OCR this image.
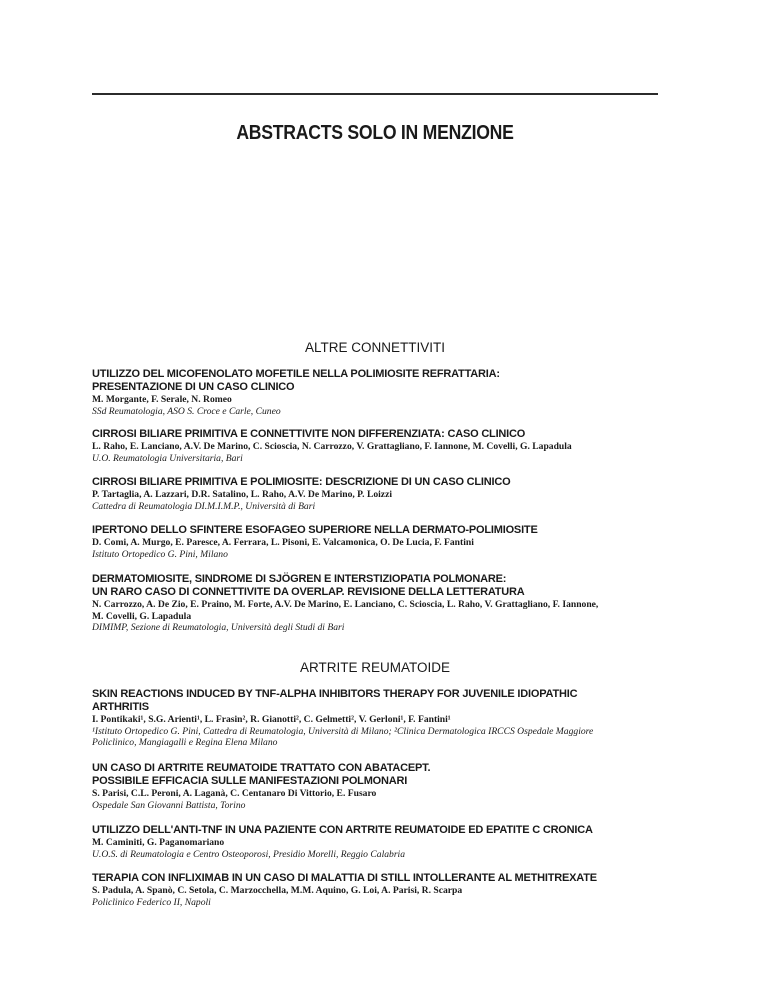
ABSTRACTS SOLO IN MENZIONE
ALTRE CONNETTIVITI
UTILIZZO DEL MICOFENOLATO MOFETILE NELLA POLIMIOSITE REFRATTARIA:
PRESENTAZIONE DI UN CASO CLINICO
M. Morgante, F. Serale, N. Romeo
SSd Reumatologia, ASO S. Croce e Carle, Cuneo
CIRROSI BILIARE PRIMITIVA E CONNETTIVITE NON DIFFERENZIATA: CASO CLINICO
L. Raho, E. Lanciano, A.V. De Marino, C. Scioscia, N. Carrozzo, V. Grattagliano, F. Iannone, M. Covelli, G. Lapadula
U.O. Reumatologia Universitaria, Bari
CIRROSI BILIARE PRIMITIVA E POLIMIOSITE: DESCRIZIONE DI UN CASO CLINICO
P. Tartaglia, A. Lazzari, D.R. Satalino, L. Raho, A.V. De Marino, P. Loizzi
Cattedra di Reumatologia DI.M.I.M.P., Università di Bari
IPERTONO DELLO SFINTERE ESOFAGEO SUPERIORE NELLA DERMATO-POLIMIOSITE
D. Comi, A. Murgo, E. Paresce, A. Ferrara, L. Pisoni, E. Valcamonica, O. De Lucia, F. Fantini
Istituto Ortopedico G. Pini, Milano
DERMATOMIOSITE, SINDROME DI SJÖGREN E INTERSTIZIOPATIA POLMONARE:
UN RARO CASO DI CONNETTIVITE DA OVERLAP. REVISIONE DELLA LETTERATURA
N. Carrozzo, A. De Zio, E. Praino, M. Forte, A.V. De Marino, E. Lanciano, C. Scioscia, L. Raho, V. Grattagliano, F. Iannone,
M. Covelli, G. Lapadula
DIMIMP, Sezione di Reumatologia, Università degli Studi di Bari
ARTRITE REUMATOIDE
SKIN REACTIONS INDUCED BY TNF-ALPHA INHIBITORS THERAPY FOR JUVENILE IDIOPATHIC
ARTHRITIS
I. Pontikaki¹, S.G. Arienti¹, L. Frasin², R. Gianotti², C. Gelmetti², V. Gerloni¹, F. Fantini¹
¹Istituto Ortopedico G. Pini, Cattedra di Reumatologia, Università di Milano; ²Clinica Dermatologica IRCCS Ospedale Maggiore
Policlinico, Mangiagalli e Regina Elena Milano
UN CASO DI ARTRITE REUMATOIDE TRATTATO CON ABATACEPT.
POSSIBILE EFFICACIA SULLE MANIFESTAZIONI POLMONARI
S. Parisi, C.L. Peroni, A. Laganà, C. Centanaro Di Vittorio, E. Fusaro
Ospedale San Giovanni Battista, Torino
UTILIZZO DELL'ANTI-TNF IN UNA PAZIENTE CON ARTRITE REUMATOIDE ED EPATITE C CRONICA
M. Caminiti, G. Paganomariano
U.O.S. di Reumatologia e Centro Osteoporosi, Presidio Morelli, Reggio Calabria
TERAPIA CON INFLIXIMAB IN UN CASO DI MALATTIA DI STILL INTOLLERANTE AL METHITREXATE
S. Padula, A. Spanò, C. Setola, C. Marzocchella, M.M. Aquino, G. Loi, A. Parisi, R. Scarpa
Policlinico Federico II, Napoli
